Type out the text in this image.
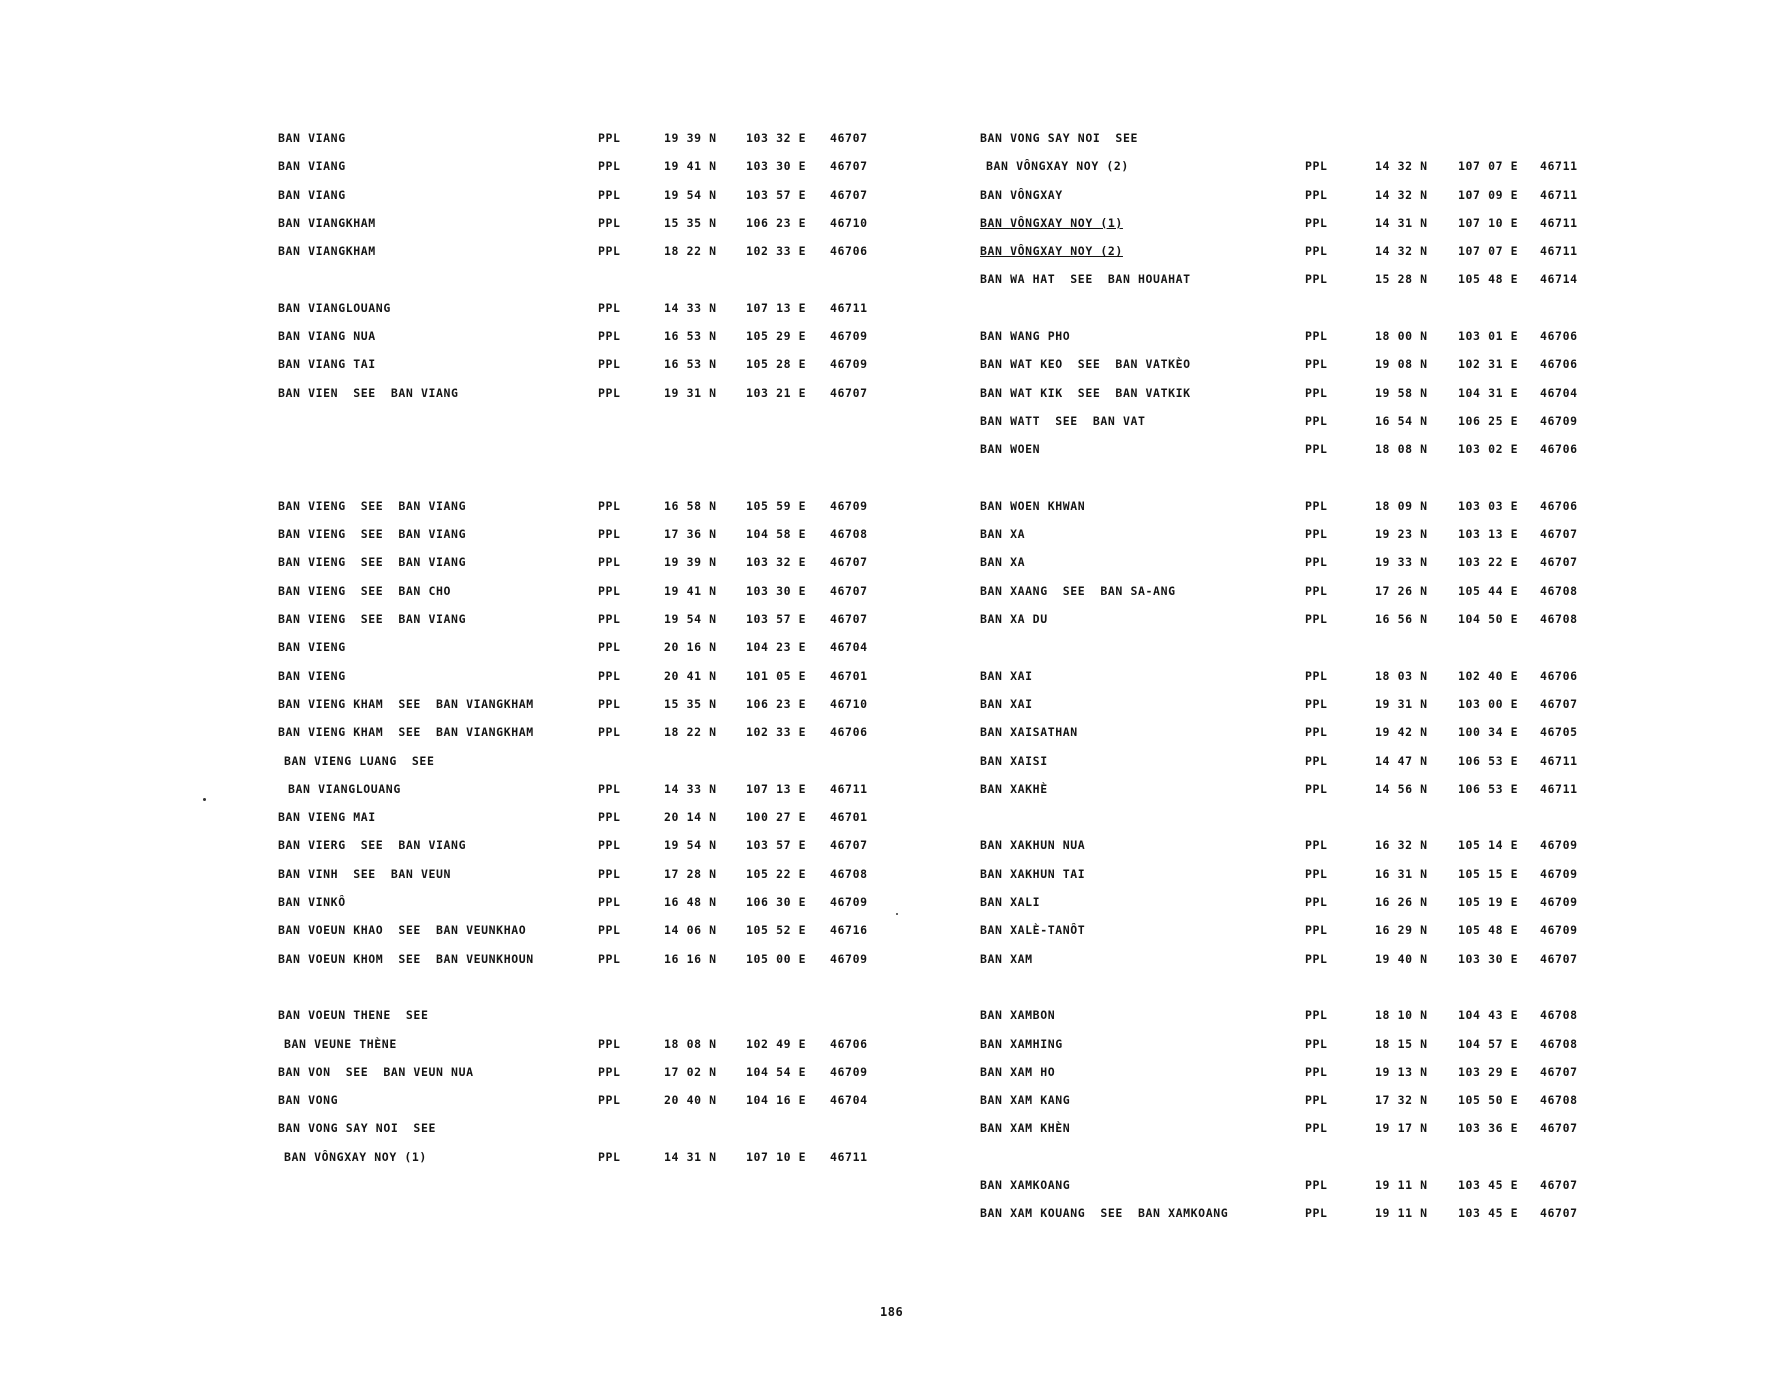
BAN VIANG	PPL	19 39 N	103 32 E 46707
BAN VIANG	PPL	19 41 N	103 30 E 46707
BAN VIANG	PPL	19 54 N	103 57 E 46707
BAN VIANGKHAM	PPL	15 35 N	106 23 E 46710
BAN VIANGKHAM	PPL	18 22 N	102 33 E 46706
BAN VIANGLOUANG	PPL	14 33 N	107 13 E 46711
BAN VIANG NUA	PPL	16 53 N	105 29 E 46709
BAN VIANG TAI	PPL	16 53 N	105 28 E 46709
BAN VIEN  SEE  BAN VIANG	PPL	19 31 N	103 21 E 46707
BAN VIENG  SEE  BAN VIANG	PPL	16 58 N	105 59 E 46709
BAN VIENG  SEE  BAN VIANG	PPL	17 36 N	104 58 E 46708
BAN VIENG  SEE  BAN VIANG	PPL	19 39 N	103 32 E 46707
BAN VIENG  SEE  BAN CHO	PPL	19 41 N	103 30 E 46707
BAN VIENG  SEE  BAN VIANG	PPL	19 54 N	103 57 E 46707
BAN VIENG	PPL	20 16 N	104 23 E 46704
BAN VIENG	PPL	20 41 N	101 05 E 46701
BAN VIENG KHAM  SEE  BAN VIANGKHAM	PPL	15 35 N	106 23 E 46710
BAN VIENG KHAM  SEE  BAN VIANGKHAM	PPL	18 22 N	102 33 E 46706
BAN VIENG LUANG  SEE
BAN VIANGLOUANG	PPL	14 33 N	107 13 E 46711
BAN VIENG MAI	PPL	20 14 N	100 27 E 46701
BAN VIERG  SEE  BAN VIANG	PPL	19 54 N	103 57 E 46707
BAN VINH  SEE  BAN VEUN	PPL	17 28 N	105 22 E 46708
BAN VINKÔ	PPL	16 48 N	106 30 E 46709
BAN VOEUN KHAO  SEE  BAN VEUNKHAO	PPL	14 06 N	105 52 E 46716
BAN VOEUN KHOM  SEE  BAN VEUNKHOUN	PPL	16 16 N	105 00 E 46709
BAN VOEUN THENE  SEE
BAN VEUNE THÈNE	PPL	18 08 N	102 49 E 46706
BAN VON  SEE  BAN VEUN NUA	PPL	17 02 N	104 54 E 46709
BAN VONG	PPL	20 40 N	104 16 E 46704
BAN VONG SAY NOI  SEE
BAN VÔNGXAY NOY (1)	PPL	14 31 N	107 10 E 46711
BAN VONG SAY NOI  SEE
BAN VÔNGXAY NOY (2)	PPL	14 32 N	107 07 E 46711
BAN VÔNGXAY	PPL	14 32 N	107 09 E 46711
BAN VÔNGXAY NOY (1)	PPL	14 31 N	107 10 E 46711
BAN VÔNGXAY NOY (2)	PPL	14 32 N	107 07 E 46711
BAN WA HAT  SEE  BAN HOUAHAT	PPL	15 28 N	105 48 E 46714
BAN WANG PHO	PPL	18 00 N	103 01 E 46706
BAN WAT KEO  SEE  BAN VATKÈO	PPL	19 08 N	102 31 E 46706
BAN WAT KIK  SEE  BAN VATKIK	PPL	19 58 N	104 31 E 46704
BAN WATT  SEE  BAN VAT	PPL	16 54 N	106 25 E 46709
BAN WOEN	PPL	18 08 N	103 02 E 46706
BAN WOEN KHWAN	PPL	18 09 N	103 03 E 46706
BAN XA	PPL	19 23 N	103 13 E 46707
BAN XA	PPL	19 33 N	103 22 E 46707
BAN XAANG  SEE  BAN SA-ANG	PPL	17 26 N	105 44 E 46708
BAN XA DU	PPL	16 56 N	104 50 E 46708
BAN XAI	PPL	18 03 N	102 40 E 46706
BAN XAI	PPL	19 31 N	103 00 E 46707
BAN XAISATHAN	PPL	19 42 N	100 34 E 46705
BAN XAISI	PPL	14 47 N	106 53 E 46711
BAN XAKHÈ	PPL	14 56 N	106 53 E 46711
BAN XAKHUN NUA	PPL	16 32 N	105 14 E 46709
BAN XAKHUN TAI	PPL	16 31 N	105 15 E 46709
BAN XALI	PPL	16 26 N	105 19 E 46709
BAN XALÈ-TANÔT	PPL	16 29 N	105 48 E 46709
BAN XAM	PPL	19 40 N	103 30 E 46707
BAN XAMBON	PPL	18 10 N	104 43 E 46708
BAN XAMHING	PPL	18 15 N	104 57 E 46708
BAN XAM HO	PPL	19 13 N	103 29 E 46707
BAN XAM KANG	PPL	17 32 N	105 50 E 46708
BAN XAM KHÈN	PPL	19 17 N	103 36 E 46707
BAN XAMKOANG	PPL	19 11 N	103 45 E 46707
BAN XAM KOUANG  SEE  BAN XAMKOANG	PPL	19 11 N	103 45 E 46707
186
